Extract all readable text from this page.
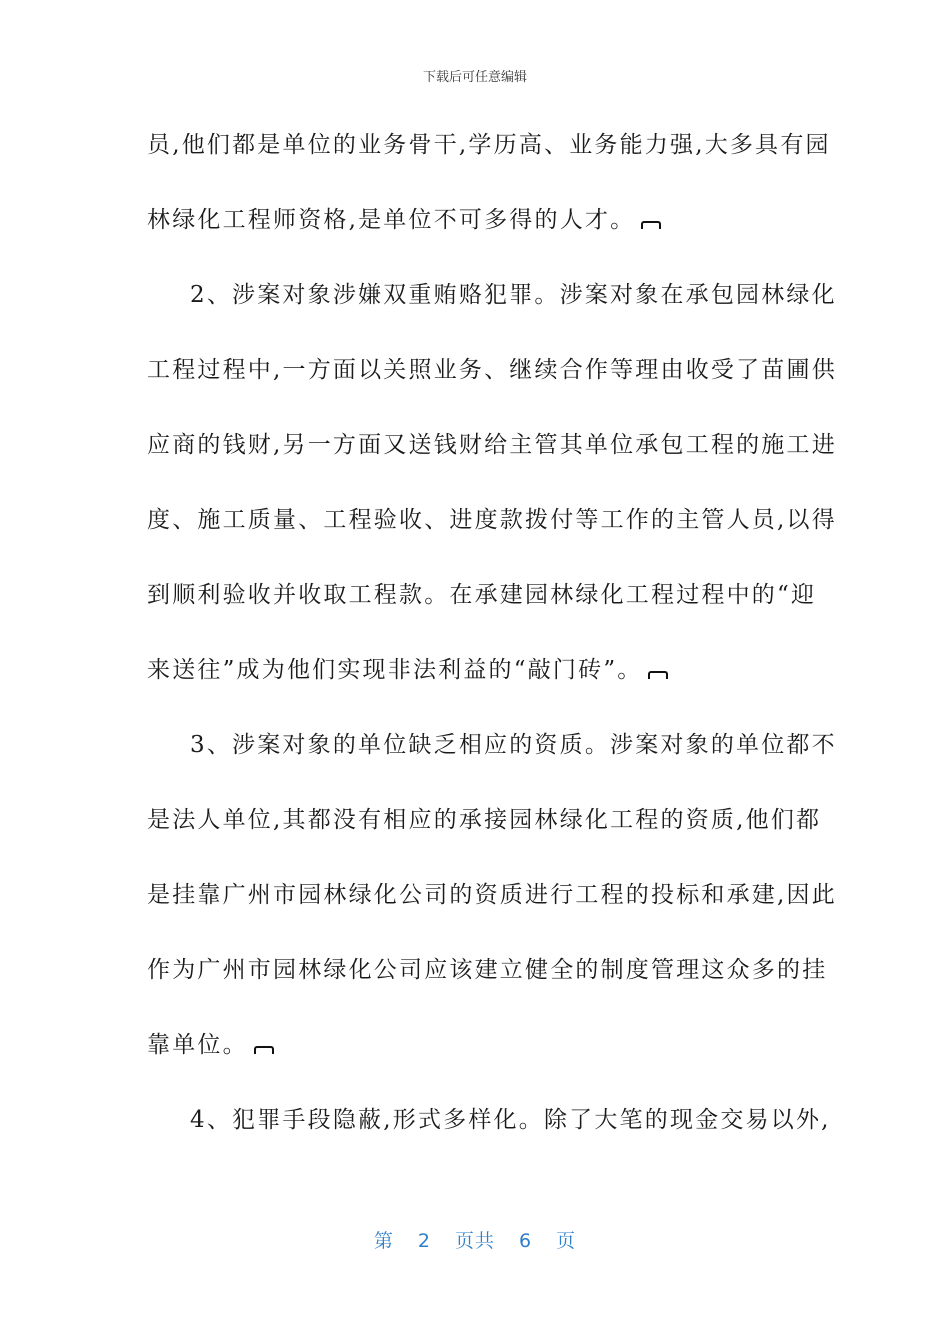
下载后可任意编辑
员,他们都是单位的业务骨干,学历高、业务能力强,大多具有园
林绿化工程师资格,是单位不可多得的人才。
2、涉案对象涉嫌双重贿赂犯罪。涉案对象在承包园林绿化
工程过程中,一方面以关照业务、继续合作等理由收受了苗圃供
应商的钱财,另一方面又送钱财给主管其单位承包工程的施工进
度、施工质量、工程验收、进度款拨付等工作的主管人员,以得
到顺利验收并收取工程款。在承建园林绿化工程过程中的“迎
来送往”成为他们实现非法利益的“敲门砖”。
3、涉案对象的单位缺乏相应的资质。涉案对象的单位都不
是法人单位,其都没有相应的承接园林绿化工程的资质,他们都
是挂靠广州市园林绿化公司的资质进行工程的投标和承建,因此
作为广州市园林绿化公司应该建立健全的制度管理这众多的挂
靠单位。
4、犯罪手段隐蔽,形式多样化。除了大笔的现金交易以外,
第 2 页共 6 页
